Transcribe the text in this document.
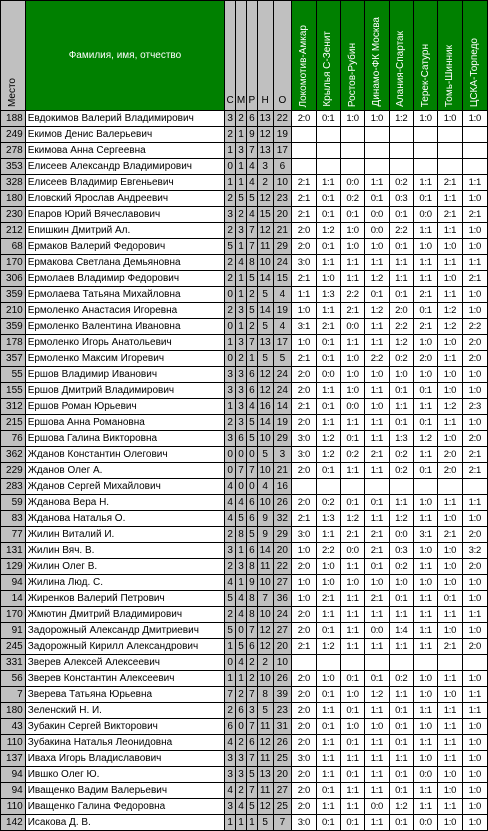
Место	Фамилия, имя, отчество	С	М	Р	Н	О	Локомотив-Амкар	Крылья С-Зенит	Ростов-Рубин	Динамо-ФК Москва	Алания-Спартак	Терек-Сатурн	Томь-Шинник	ЦСКА-Торпедо

188	Евдокимов Валерий Владимирович	3	2	6	13	22	2:0	0:1	1:0	1:0	1:2	1:0	1:0	1:0
249	Екимов Денис Валерьевич	2	1	9	12	19								
278	Екимова Анна Сергеевна	1	3	7	13	17								
353	Елисеев Александр Владимирович	0	1	4	3	6								
328	Елисеев Владимир Евгеньевич	1	1	4	2	10	2:1	1:1	0:0	1:1	0:2	1:1	2:1	1:1
180	Еловский Ярослав Андреевич	2	5	5	12	23	2:1	0:1	0:2	0:1	0:3	0:1	1:1	1:0
230	Епаров Юрий Вячеславович	3	2	4	15	20	2:1	0:1	0:1	0:0	0:1	0:0	2:1	2:1
212	Епишкин Дмитрий Ал.	2	3	7	12	21	2:0	1:2	1:0	0:0	2:2	1:1	1:1	1:0
68	Ермаков Валерий Федорович	5	1	7	11	29	2:0	0:1	1:0	1:0	0:1	1:0	1:0	1:0
170	Ермакова Светлана Демьяновна	2	4	8	10	24	3:0	1:1	1:1	1:1	1:1	1:1	1:1	1:1
306	Ермолаев Владимир Федорович	2	1	5	14	15	2:1	1:0	1:1	1:2	1:1	1:1	1:0	2:1
359	Ермолаева Татьяна Михайловна	0	1	2	5	4	1:1	1:3	2:2	0:1	0:1	2:1	1:1	1:0
210	Ермоленко Анастасия Игоревна	2	3	5	14	19	1:0	1:1	2:1	1:2	2:0	0:1	1:2	1:0
359	Ермоленко Валентина Ивановна	0	1	2	5	4	3:1	2:1	0:0	1:1	2:2	2:1	1:2	2:2
178	Ермоленко Игорь Анатольевич	1	3	7	13	17	1:0	0:1	1:1	1:1	1:2	1:0	1:0	2:0
357	Ермоленко Максим Игоревич	0	2	1	5	5	2:1	0:1	1:0	2:2	0:2	2:0	1:1	2:0
55	Ершов Владимир Иванович	3	3	6	12	24	2:0	0:0	1:0	1:0	1:0	1:0	1:0	1:0
155	Ершов Дмитрий Владимирович	3	3	6	12	24	2:0	1:1	1:0	1:1	0:1	0:1	1:0	1:0
312	Ершов Роман Юрьевич	1	3	4	16	14	2:1	0:1	0:0	1:0	1:1	1:1	1:2	2:3
215	Ершова Анна Романовна	2	3	5	14	19	2:0	1:1	1:1	1:1	0:1	0:1	1:1	1:0
76	Ершова Галина Викторовна	3	6	5	10	29	3:0	1:2	0:1	1:1	1:3	1:2	1:0	2:0
362	Жданов Константин Олегович	0	0	0	5	3	3:0	1:2	0:2	2:1	0:2	1:1	2:0	2:1
229	Жданов Олег А.	0	7	7	10	21	2:0	0:1	1:1	1:1	0:2	0:1	2:0	2:1
283	Жданов Сергей Михайлович	4	0	0	4	16								
59	Жданова Вера Н.	4	4	6	10	26	2:0	0:2	0:1	0:1	1:1	1:0	1:1	1:1
83	Жданова Наталья О.	4	5	6	9	32	2:1	1:3	1:2	1:1	1:2	1:1	1:0	1:0
77	Жилин Виталий И.	2	8	5	9	29	3:0	1:1	2:1	2:1	0:0	3:1	2:1	2:0
131	Жилин Вяч. В.	3	1	6	14	20	1:0	2:2	0:0	2:1	0:3	1:0	1:0	3:2
129	Жилин Олег В.	2	3	8	11	22	2:0	1:0	1:1	0:1	0:2	1:1	1:0	2:0
94	Жилина Люд. С.	4	1	9	10	27	1:0	1:0	1:0	1:0	1:0	1:0	1:0	1:0
14	Жиренков Валерий Петрович	5	4	8	7	36	1:0	2:1	1:1	2:1	0:1	1:1	0:1	1:0
170	Жмютин Дмитрий Владимирович	2	4	8	10	24	2:0	1:1	1:1	1:1	1:1	1:1	1:1	1:1
91	Задорожный Александр Дмитриевич	5	0	7	12	27	2:0	0:1	1:1	0:0	1:4	1:1	1:0	1:0
245	Задорожный Кирилл Александрович	1	5	6	12	20	2:1	1:2	1:1	1:1	1:1	1:1	2:1	2:0
331	Зверев Алексей Алексеевич	0	4	2	2	10								
56	Зверев Константин Алексеевич	1	1	2	10	26	2:0	1:0	0:1	0:1	0:2	1:0	1:1	1:0
7	Зверева Татьяна Юрьевна	7	2	7	8	39	2:0	0:1	1:0	1:2	1:1	1:0	1:0	1:1
180	Зеленский Н. И.	2	6	3	5	23	2:0	1:1	0:1	1:1	0:1	1:1	1:1	1:1
43	Зубакин Сергей Викторович	6	0	7	11	31	2:0	0:1	1:0	1:0	0:1	1:0	1:1	1:0
110	Зубакина Наталья Леонидовна	4	2	6	12	26	2:0	1:1	0:1	1:1	0:1	1:1	1:1	1:0
137	Иваха Игорь Владиславович	3	3	7	11	25	3:0	1:1	1:1	1:1	1:1	1:0	1:1	1:0
94	Ившко Олег Ю.	3	3	5	13	20	2:0	1:1	0:1	1:1	0:1	0:0	1:0	1:0
94	Иващенко Вадим Валерьевич	4	2	7	11	27	2:0	0:1	1:1	1:1	0:1	1:1	1:0	1:0
110	Иващенко Галина Федоровна	3	4	5	12	25	2:0	1:1	1:1	0:0	1:2	1:1	1:1	1:0
142	Исакова Д. В.	1	1	1	5	7	3:0	0:1	0:1	1:1	0:1	0:0	1:0	1:0
